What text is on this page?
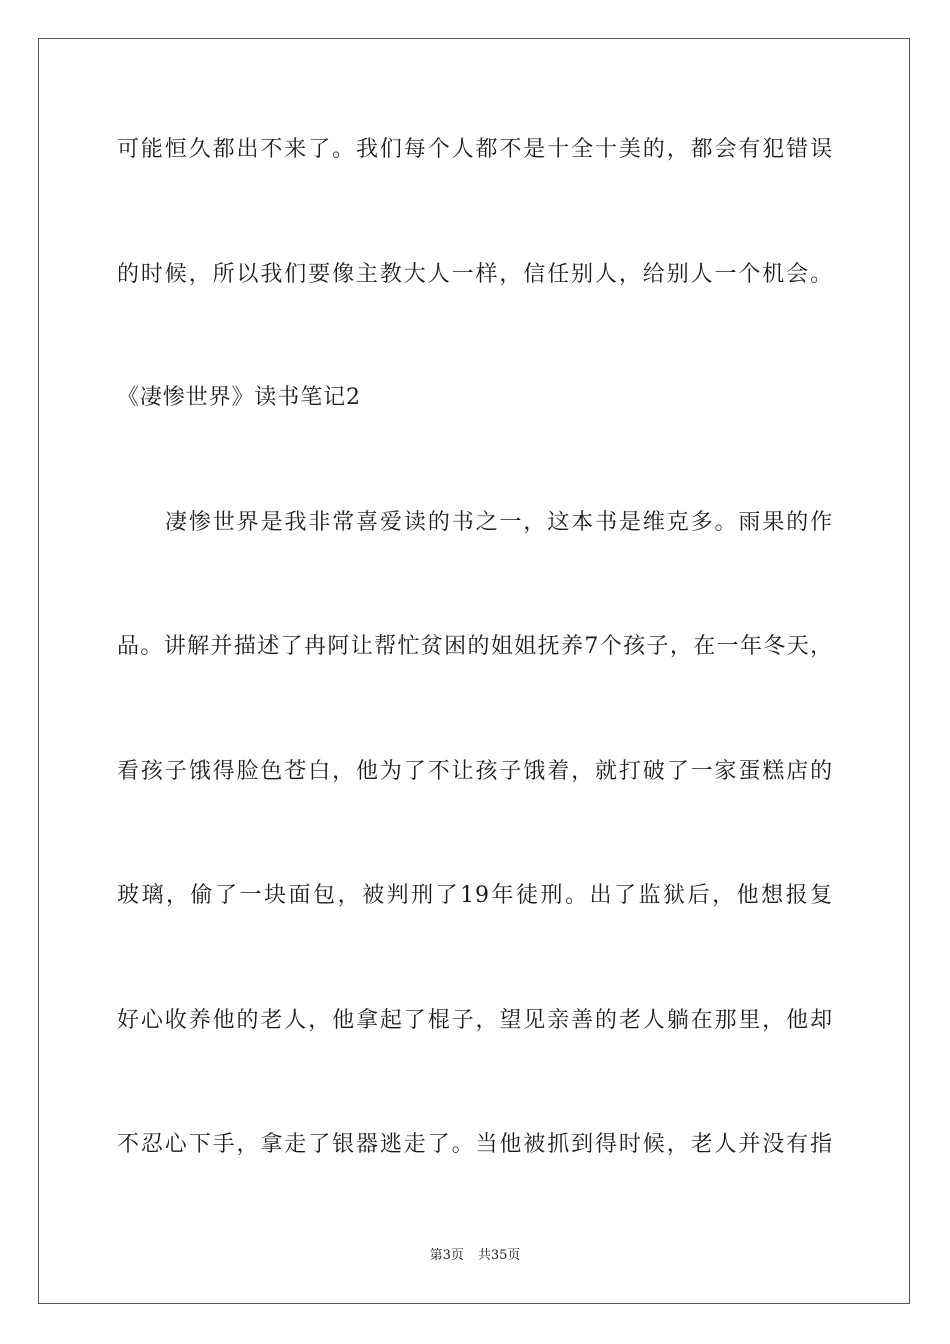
可能恒久都出不来了。我们每个人都不是十全十美的，都会有犯错误
的时候，所以我们要像主教大人一样，信任别人，给别人一个机会。
《凄惨世界》读书笔记2
凄惨世界是我非常喜爱读的书之一，这本书是维克多。雨果的作
品。讲解并描述了冉阿让帮忙贫困的姐姐抚养7个孩子，在一年冬天，
看孩子饿得脸色苍白，他为了不让孩子饿着，就打破了一家蛋糕店的
玻璃，偷了一块面包，被判刑了19年徒刑。出了监狱后，他想报复
好心收养他的老人，他拿起了棍子，望见亲善的老人躺在那里，他却
不忍心下手，拿走了银器逃走了。当他被抓到得时候，老人并没有指
第3页 共35页
